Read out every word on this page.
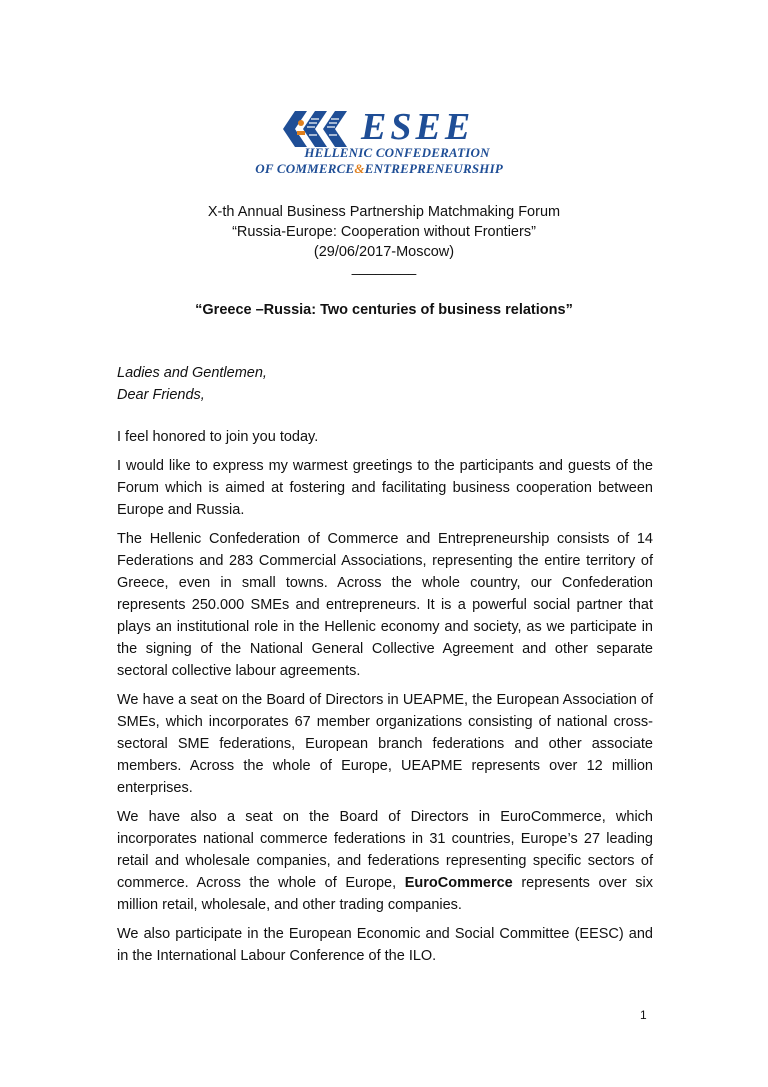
ESEE
HELLENIC CONFEDERATION
OF COMMERCE&ENTREPRENEURSHIP
X-th Annual Business Partnership Matchmaking Forum
“Russia-Europe: Cooperation without Frontiers”
(29/06/2017-Moscow)
________
“Greece –Russia: Two centuries of business relations”
Ladies and Gentlemen,
Dear Friends,

I feel honored to join you today.

I would like to express my warmest greetings to the participants and guests of the Forum which is aimed at fostering and facilitating business cooperation between Europe and Russia.

The Hellenic Confederation of Commerce and Entrepreneurship consists of 14 Federations and 283 Commercial Associations, representing the entire territory of Greece, even in small towns. Across the whole country, our Confederation represents 250.000 SMEs and entrepreneurs. It is a powerful social partner that plays an institutional role in the Hellenic economy and society, as we participate in the signing of the National General Collective Agreement and other separate sectoral collective labour agreements.

We have a seat on the Board of Directors in UEAPME, the European Association of SMEs, which incorporates 67 member organizations consisting of national cross-sectoral SME federations, European branch federations and other associate members. Across the whole of Europe, UEAPME represents over 12 million enterprises.

We have also a seat on the Board of Directors in EuroCommerce, which incorporates national commerce federations in 31 countries, Europe’s 27 leading retail and wholesale companies, and federations representing specific sectors of commerce. Across the whole of Europe, EuroCommerce represents over six million retail, wholesale, and other trading companies.

We also participate in the European Economic and Social Committee (EESC) and in the International Labour Conference of the ILO.

1
